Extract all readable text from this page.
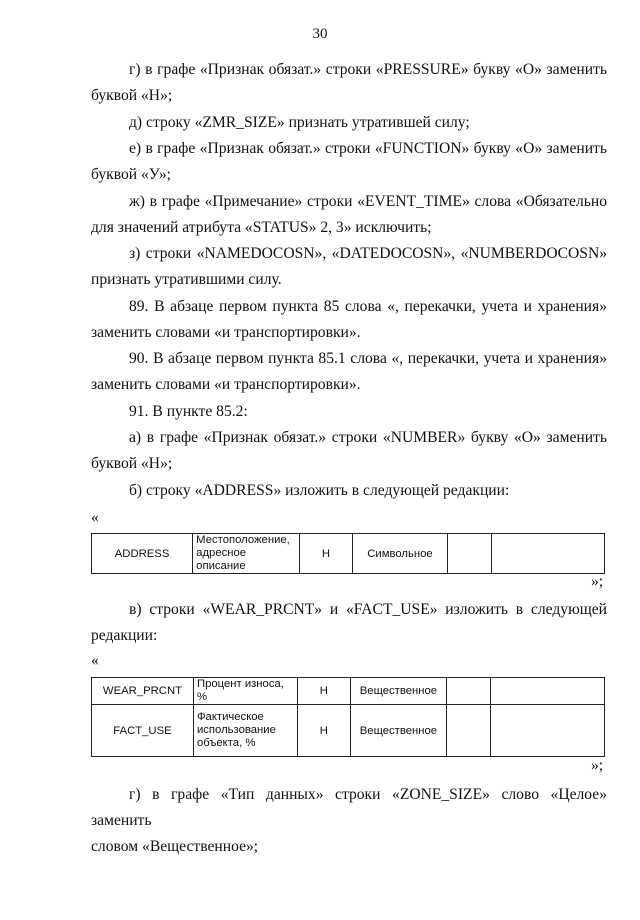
30
г) в графе «Признак обязат.» строки «PRESSURE» букву «О» заменить
буквой «Н»;
д) строку «ZMR_SIZE» признать утратившей силу;
е) в графе «Признак обязат.» строки «FUNCTION» букву «О» заменить
буквой «У»;
ж) в графе «Примечание» строки «EVENT_TIME» слова «Обязательно
для значений атрибута «STATUS» 2, 3» исключить;
з) строки «NAMEDOCOSN», «DATEDOCOSN», «NUMBERDOCOSN»
признать утратившими силу.
89. В абзаце первом пункта 85 слова «, перекачки, учета и хранения»
заменить словами «и транспортировки».
90. В абзаце первом пункта 85.1 слова «, перекачки, учета и хранения»
заменить словами «и транспортировки».
91. В пункте 85.2:
а) в графе «Признак обязат.» строки «NUMBER» букву «О» заменить
буквой «Н»;
б) строку «ADDRESS» изложить в следующей редакции:
«
ADDRESS	Местоположение, адресное описание	Н	Символьное		
»;
в) строки «WEAR_PRCNT» и «FACT_USE» изложить в следующей
редакции:
«
WEAR_PRCNT	Процент износа, %	Н	Вещественное		
FACT_USE	Фактическое использование объекта, %	Н	Вещественное		
»;
г) в графе «Тип данных» строки «ZONE_SIZE» слово «Целое» заменить
словом «Вещественное»;
